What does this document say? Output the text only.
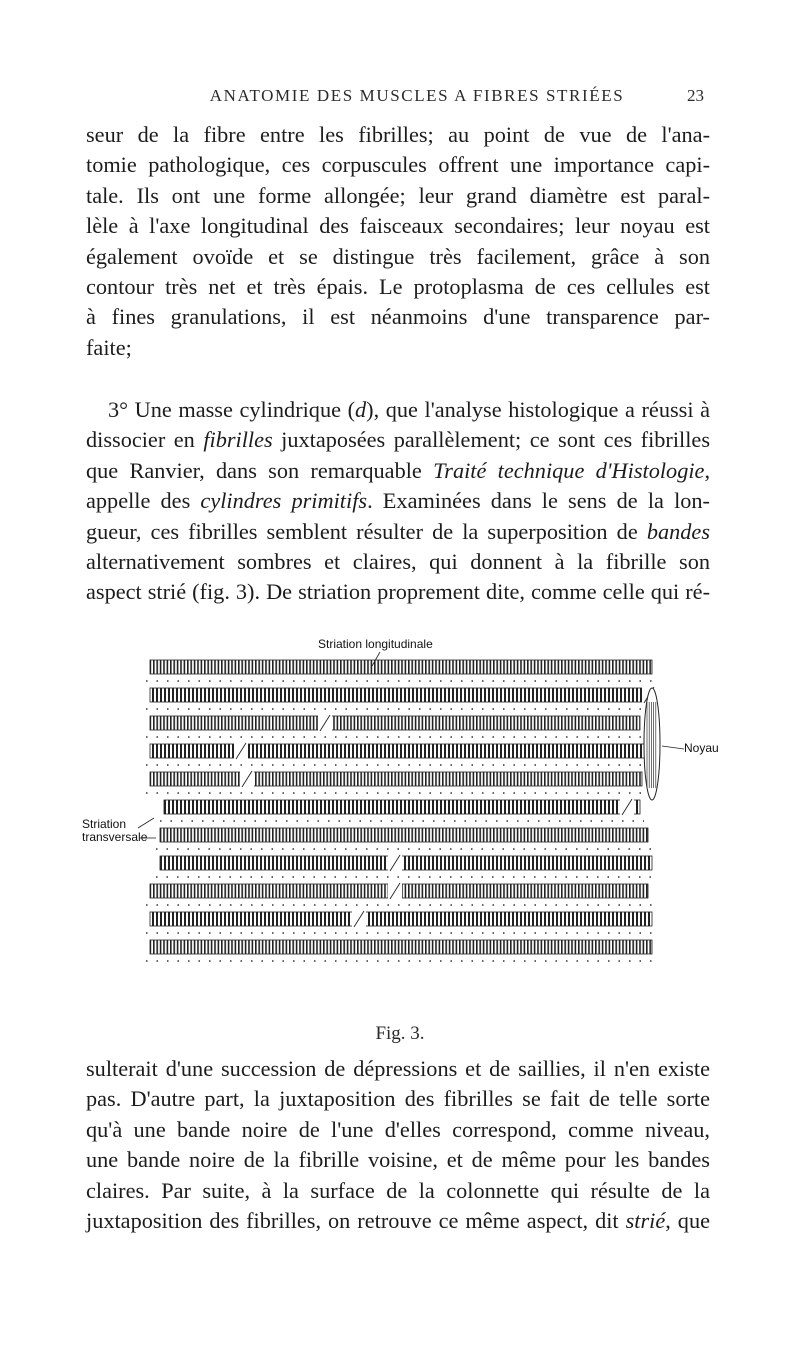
ANATOMIE DES MUSCLES A FIBRES STRIÉES	23
seur de la fibre entre les fibrilles; au point de vue de l'ana-
tomie pathologique, ces corpuscules offrent une importance capi-
tale. Ils ont une forme allongée; leur grand diamètre est paral-
lèle à l'axe longitudinal des faisceaux secondaires; leur noyau est
également ovoïde et se distingue très facilement, grâce à son
contour très net et très épais. Le protoplasma de ces cellules est
à fines granulations, il est néanmoins d'une transparence par-
faite;
3° Une masse cylindrique (d), que l'analyse histologique a réussi à
dissocier en fibrilles juxtaposées parallèlement; ce sont ces fibrilles
que Ranvier, dans son remarquable Traité technique d'Histologie,
appelle des cylindres primitifs. Examinées dans le sens de la lon-
gueur, ces fibrilles semblent résulter de la superposition de bandes
alternativement sombres et claires, qui donnent à la fibrille son
aspect strié (fig. 3). De striation proprement dite, comme celle qui ré-
Striation longitudinale
Noyau
Striation
transversale
Fig. 3.
sulterait d'une succession de dépressions et de saillies, il n'en existe
pas. D'autre part, la juxtaposition des fibrilles se fait de telle sorte
qu'à une bande noire de l'une d'elles correspond, comme niveau,
une bande noire de la fibrille voisine, et de même pour les bandes
claires. Par suite, à la surface de la colonnette qui résulte de la
juxtaposition des fibrilles, on retrouve ce même aspect, dit strié, que
